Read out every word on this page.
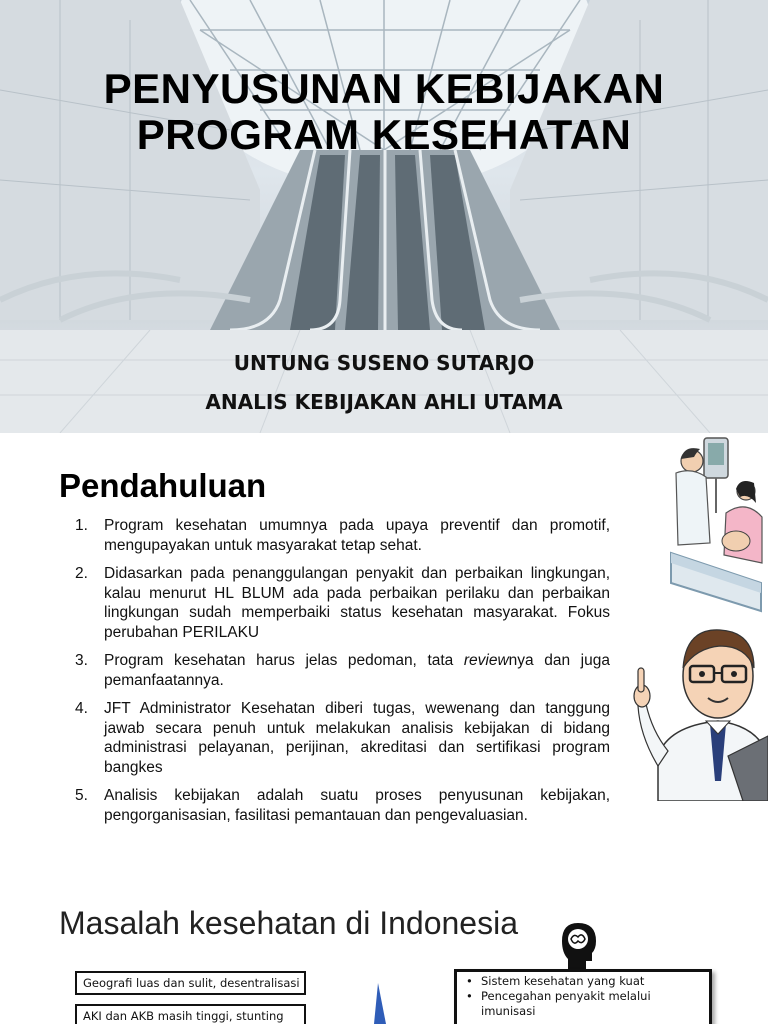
PENYUSUNAN KEBIJAKAN
PROGRAM KESEHATAN
UNTUNG SUSENO SUTARJO
ANALIS KEBIJAKAN AHLI UTAMA
Pendahuluan
1. Program kesehatan umumnya pada upaya preventif dan promotif, mengupayakan untuk masyarakat tetap sehat.
2. Didasarkan pada penanggulangan penyakit dan perbaikan lingkungan, kalau menurut HL BLUM ada pada perbaikan perilaku dan perbaikan lingkungan sudah memperbaiki status kesehatan masyarakat. Fokus perubahan PERILAKU
3. Program kesehatan harus jelas pedoman, tata reviewnya dan juga pemanfaatannya.
4. JFT Administrator Kesehatan diberi tugas, wewenang dan tanggung jawab secara penuh untuk melakukan analisis kebijakan di bidang administrasi pelayanan, perijinan, akreditasi dan sertifikasi program bangkes
5. Analisis kebijakan adalah suatu proses penyusunan kebijakan, pengorganisasian, fasilitasi pemantauan dan pengevaluasian.
Masalah kesehatan di Indonesia
Geografi luas dan sulit, desentralisasi
AKI dan AKB masih tinggi, stunting
• Sistem kesehatan yang kuat
• Pencegahan penyakit melalui imunisasi
